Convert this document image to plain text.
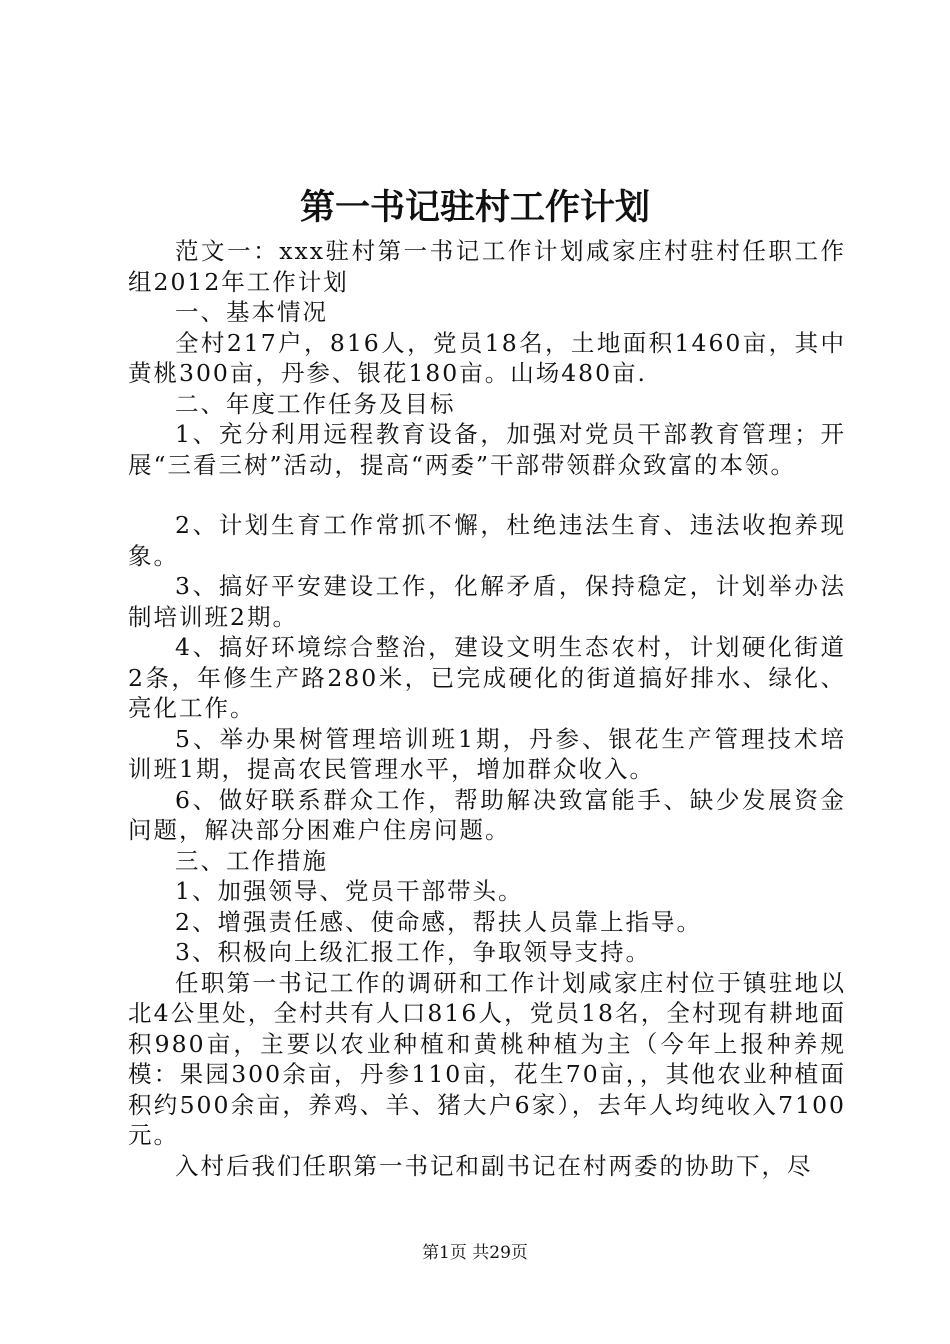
第一书记驻村工作计划

范文一：xxx驻村第一书记工作计划咸家庄村驻村任职工作组2012年工作计划

一、基本情况

全村217户，816人，党员18名，土地面积1460亩，其中黄桃300亩，丹参、银花180亩。山场480亩.

二、年度工作任务及目标

1、充分利用远程教育设备，加强对党员干部教育管理；开展“三看三树”活动，提高“两委”干部带领群众致富的本领。

2、计划生育工作常抓不懈，杜绝违法生育、违法收抱养现象。

3、搞好平安建设工作，化解矛盾，保持稳定，计划举办法制培训班2期。

4、搞好环境综合整治，建设文明生态农村，计划硬化街道2条，年修生产路280米，已完成硬化的街道搞好排水、绿化、亮化工作。

5、举办果树管理培训班1期，丹参、银花生产管理技术培训班1期，提高农民管理水平，增加群众收入。

6、做好联系群众工作，帮助解决致富能手、缺少发展资金问题，解决部分困难户住房问题。

三、工作措施

1、加强领导、党员干部带头。

2、增强责任感、使命感，帮扶人员靠上指导。

3、积极向上级汇报工作，争取领导支持。

任职第一书记工作的调研和工作计划咸家庄村位于镇驻地以北4公里处，全村共有人口816人，党员18名，全村现有耕地面积980亩，主要以农业种植和黄桃种植为主（今年上报种养规模：果园300余亩，丹参110亩，花生70亩，，其他农业种植面积约500余亩，养鸡、羊、猪大户6家），去年人均纯收入7100元。

入村后我们任职第一书记和副书记在村两委的协助下，尽

第1页 共29页
